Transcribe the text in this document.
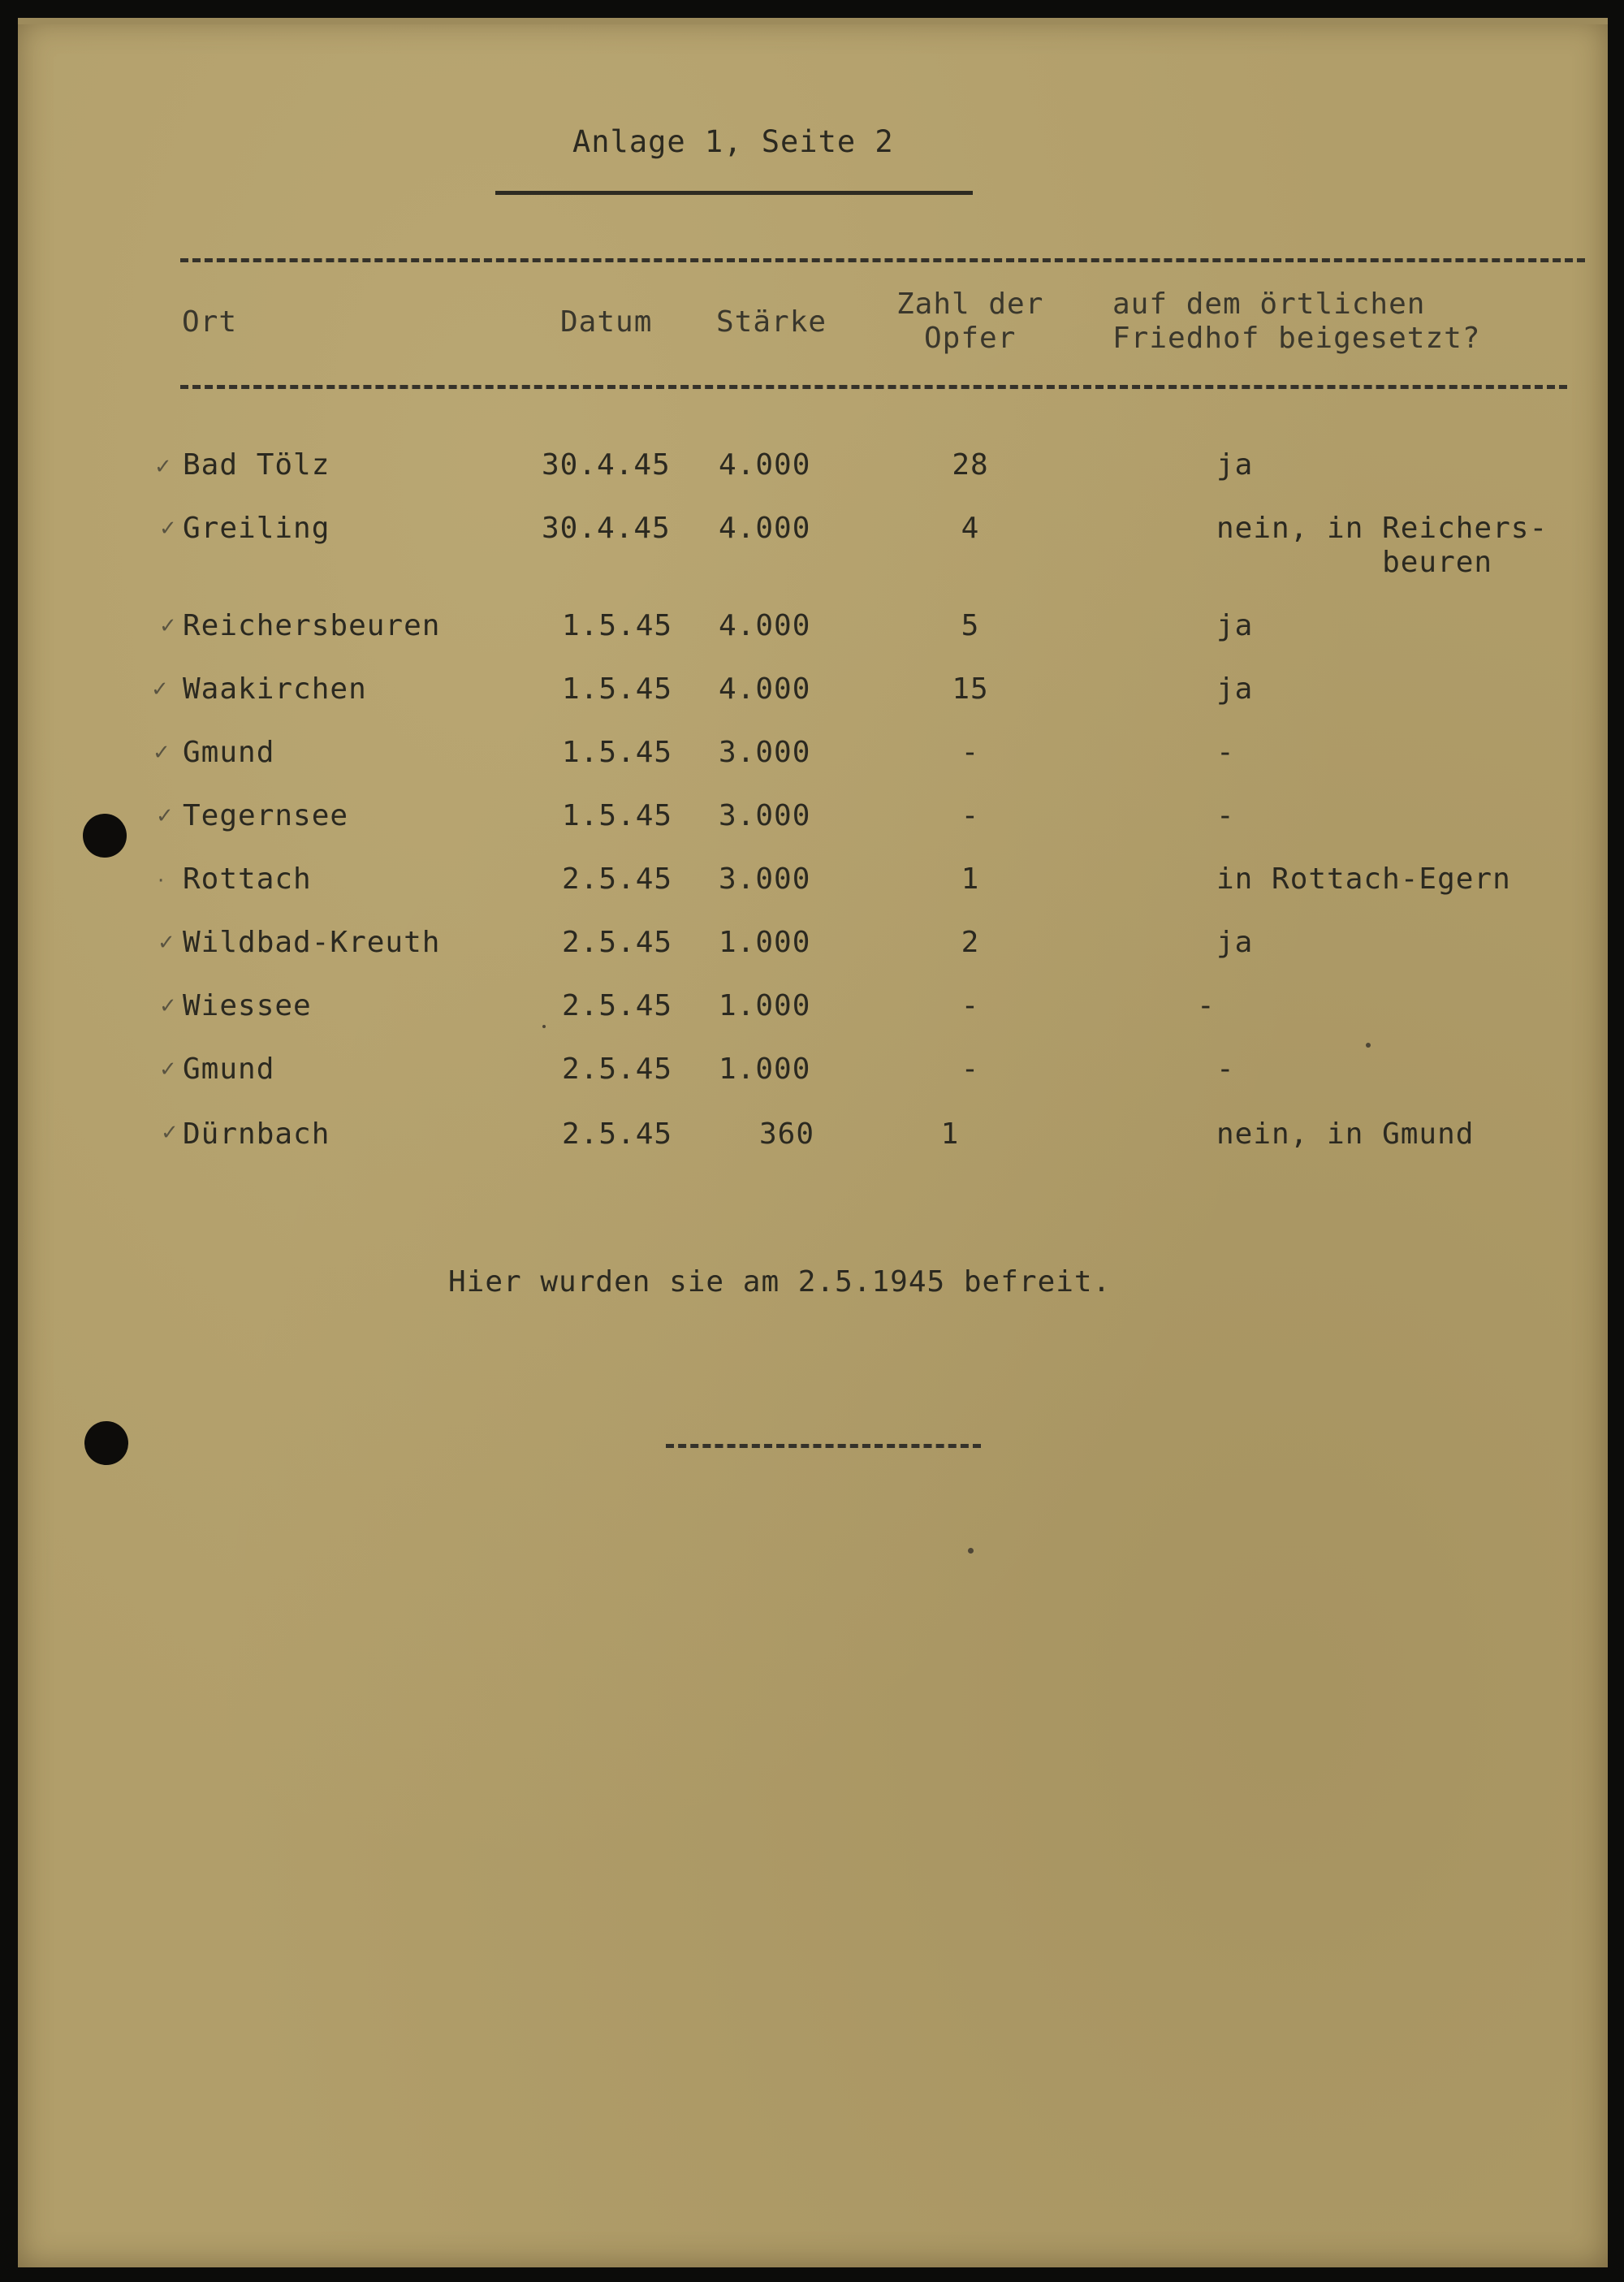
Anlage 1, Seite 2
Ort	Datum Stärke
Zahl der
Opfer
auf dem örtlichen
Friedhof beigesetzt?
✓ Bad Tölz	30.4.45 4.000	28	ja
✓ Greiling	30.4.45 4.000	4	nein, in Reichers-
beuren
✓ Reichersbeuren	1.5.45 4.000	5	ja
✓ Waakirchen	1.5.45 4.000	15	ja
✓ Gmund	1.5.45 3.000	-	-
✓ Tegernsee	1.5.45 3.000	-	-
· Rottach	2.5.45 3.000	1	in Rottach-Egern
✓ Wildbad-Kreuth	2.5.45 1.000	2	ja
✓ Wiessee	2.5.45 1.000	-	-
✓ Gmund	2.5.45 1.000	-	-
✓ Dürnbach	2.5.45	360	1	nein, in Gmund
Hier wurden sie am 2.5.1945 befreit.
